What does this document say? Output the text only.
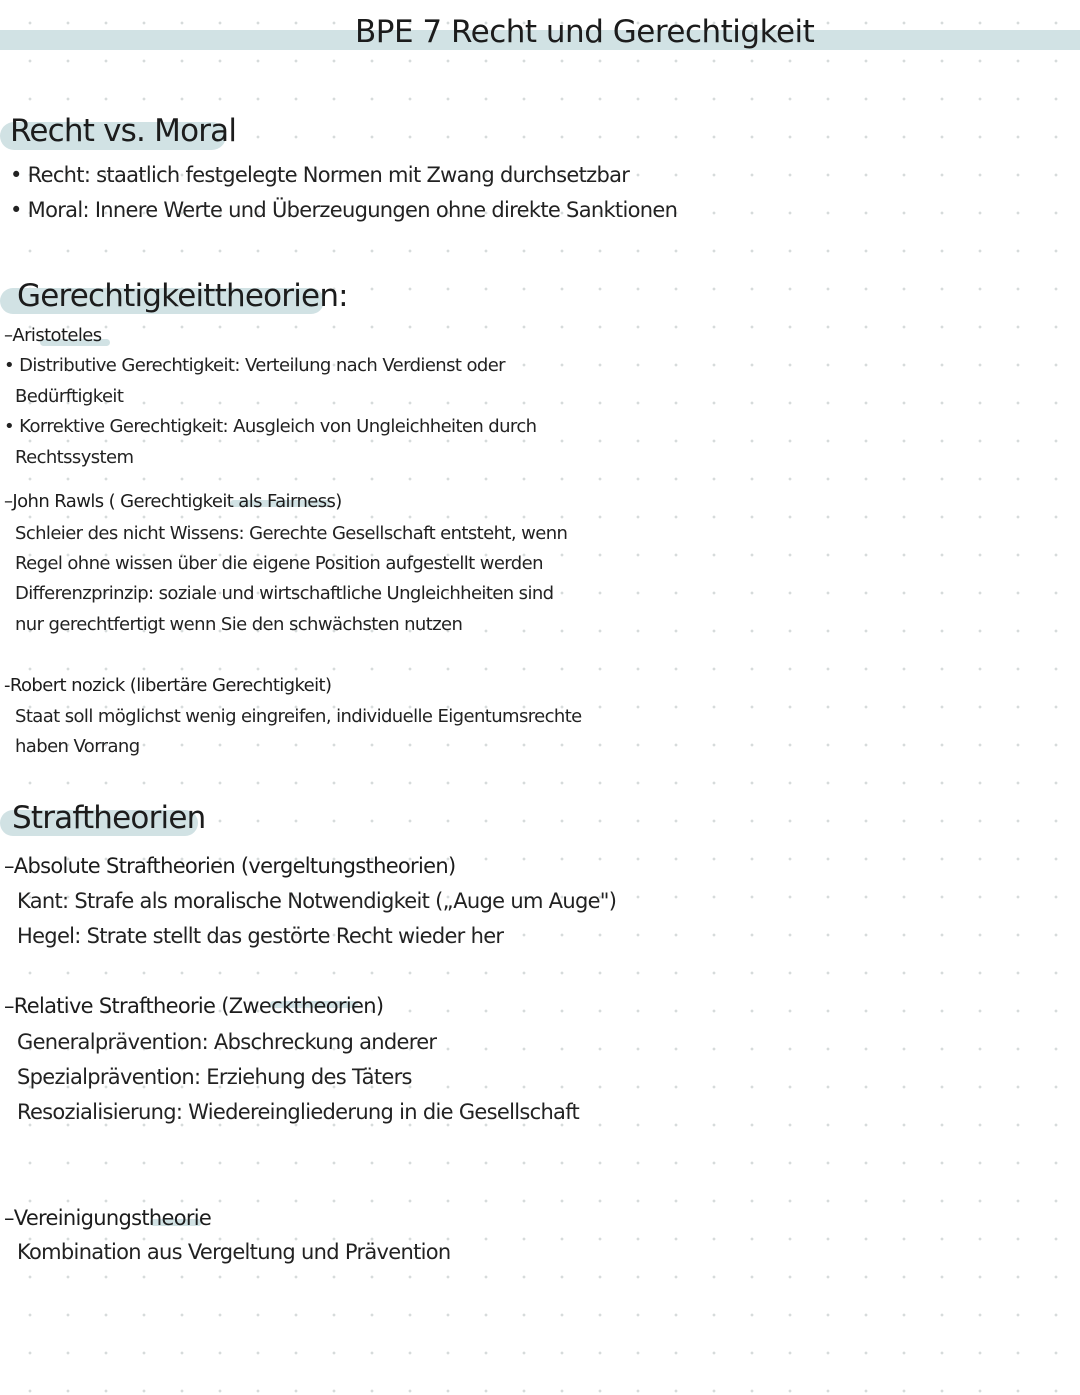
BPE 7 Recht und Gerechtigkeit
Recht vs. Moral
• Recht: staatlich festgelegte Normen mit Zwang durchsetzbar
• Moral: Innere Werte und Überzeugungen ohne direkte Sanktionen
Gerechtigkeittheorien:
–Aristoteles
• Distributive Gerechtigkeit: Verteilung nach Verdienst oder
Bedürftigkeit
• Korrektive Gerechtigkeit: Ausgleich von Ungleichheiten durch
Rechtssystem
–John Rawls ( Gerechtigkeit als Fairness)
Schleier des nicht Wissens: Gerechte Gesellschaft entsteht, wenn
Regel ohne wissen über die eigene Position aufgestellt werden
Differenzprinzip: soziale und wirtschaftliche Ungleichheiten sind
nur gerechtfertigt wenn Sie den schwächsten nutzen
-Robert nozick (libertäre Gerechtigkeit)
Staat soll möglichst wenig eingreifen, individuelle Eigentumsrechte
haben Vorrang
Straftheorien
–Absolute Straftheorien (vergeltungstheorien)
Kant: Strafe als moralische Notwendigkeit („Auge um Auge")
Hegel: Strate stellt das gestörte Recht wieder her
–Relative Straftheorie (Zwecktheorien)
Generalprävention: Abschreckung anderer
Spezialprävention: Erziehung des Täters
Resozialisierung: Wiedereingliederung in die Gesellschaft
–Vereinigungstheorie
Kombination aus Vergeltung und Prävention
